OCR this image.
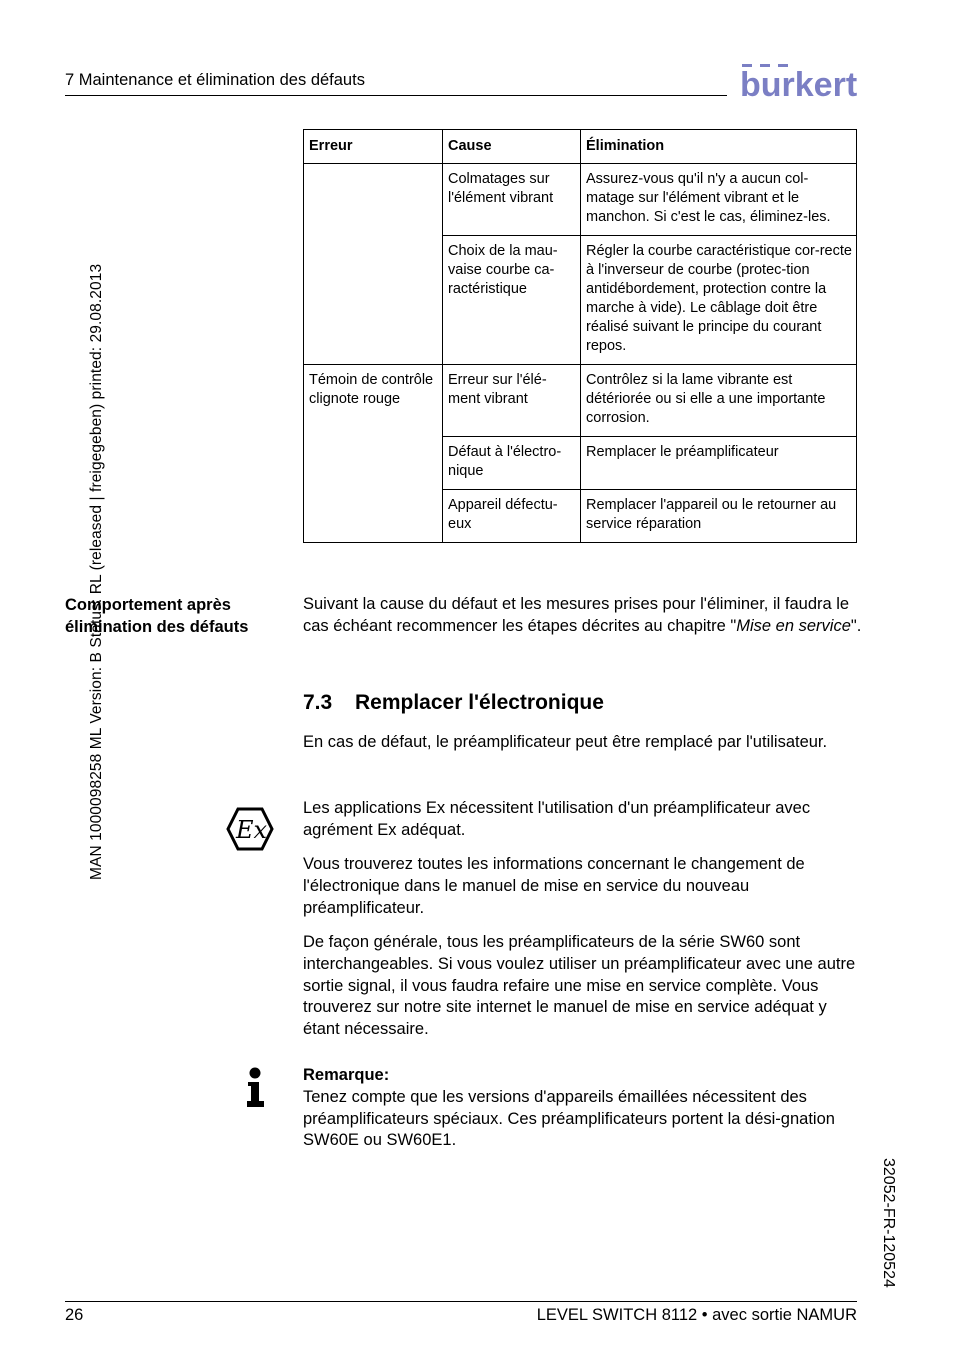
7 Maintenance et élimination des défauts	burkert
MAN 1000098258 ML Version: B Status: RL (released | freigegeben) printed: 29.08.2013
32052-FR-120524
Erreur	Cause	Élimination
	Colmatages sur l'élément vibrant	Assurez-vous qu'il n'y a aucun col-matage sur l'élément vibrant et le manchon. Si c'est le cas, éliminez-les.
	Choix de la mau-vaise courbe ca-ractéristique	Régler la courbe caractéristique cor-recte à l'inverseur de courbe (protec-tion antidébordement, protection contre la marche à vide). Le câblage doit être réalisé suivant le principe du courant repos.
Témoin de contrôle clignote rouge	Erreur sur l'élé-ment vibrant	Contrôlez si la lame vibrante est détériorée ou si elle a une importante corrosion.
	Défaut à l'électro-nique	Remplacer le préamplificateur
	Appareil défectu-eux	Remplacer l'appareil ou le retourner au service réparation
Comportement après élimination des défauts
Suivant la cause du défaut et les mesures prises pour l'éliminer, il faudra le cas échéant recommencer les étapes décrites au chapitre "Mise en service".
7.3 Remplacer l'électronique
En cas de défaut, le préamplificateur peut être remplacé par l'utilisateur.
Ex
Les applications Ex nécessitent l'utilisation d'un préamplificateur avec agrément Ex adéquat.
Vous trouverez toutes les informations concernant le changement de l'électronique dans le manuel de mise en service du nouveau préamplificateur.
De façon générale, tous les préamplificateurs de la série SW60 sont interchangeables. Si vous voulez utiliser un préamplificateur avec une autre sortie signal, il vous faudra refaire une mise en service complète. Vous trouverez sur notre site internet le manuel de mise en service adéquat y étant nécessaire.
Remarque:
Tenez compte que les versions d'appareils émaillées nécessitent des préamplificateurs spéciaux. Ces préamplificateurs portent la dési-gnation SW60E ou SW60E1.
26	LEVEL SWITCH 8112 • avec sortie NAMUR
